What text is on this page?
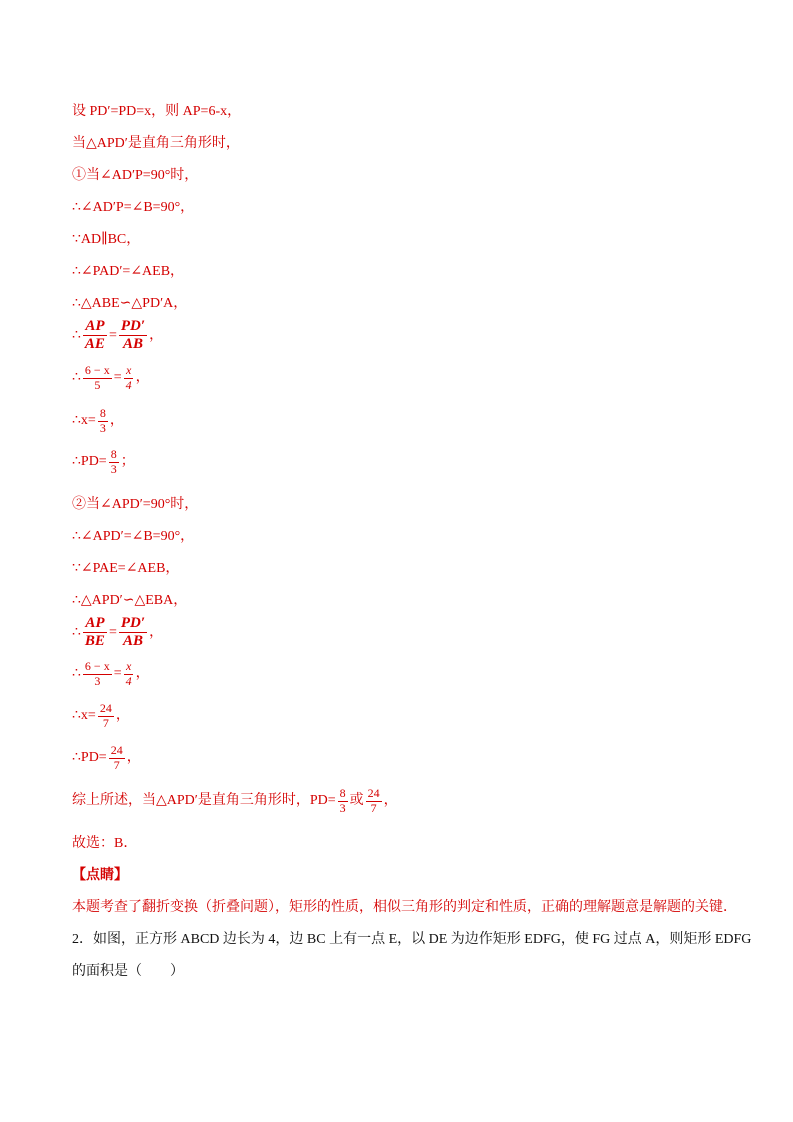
设 PD′=PD=x，则 AP=6-x，
当△APD′是直角三角形时，
①当∠AD′P=90°时，
∴∠AD′P=∠B=90°，
∵AD∥BC，
∴∠PAD′=∠AEB，
∴△ABE∽△PD′A，
∴ $\frac{AP}{AE} = \frac{PD'}{AB}$ ，
∴ $\frac{6 - x}{5} = \frac{x}{4}$ ，
∴x= $\frac{8}{3}$ ，
∴PD= $\frac{8}{3}$ ；
②当∠APD′=90°时，
∴∠APD′=∠B=90°，
∵∠PAE=∠AEB，
∴△APD′∽△EBA，
∴ $\frac{AP}{BE} = \frac{PD'}{AB}$ ，
∴ $\frac{6 - x}{3} = \frac{x}{4}$ ，
∴x= $\frac{24}{7}$ ，
∴PD= $\frac{24}{7}$ ，
综上所述，当△APD′是直角三角形时，$PD= \frac{8}{3}$ 或 $\frac{24}{7}$ ，
故选：B．
【点睛】
本题考查了翻折变换（折叠问题），矩形的性质，相似三角形的判定和性质，正确的理解题意是解题的关键．
2．如图，正方形 ABCD 边长为 4，边 BC 上有一点 E，以 DE 为边作矩形 EDFG，使 FG 过点 A，则矩形 EDFG
的面积是（　　）
